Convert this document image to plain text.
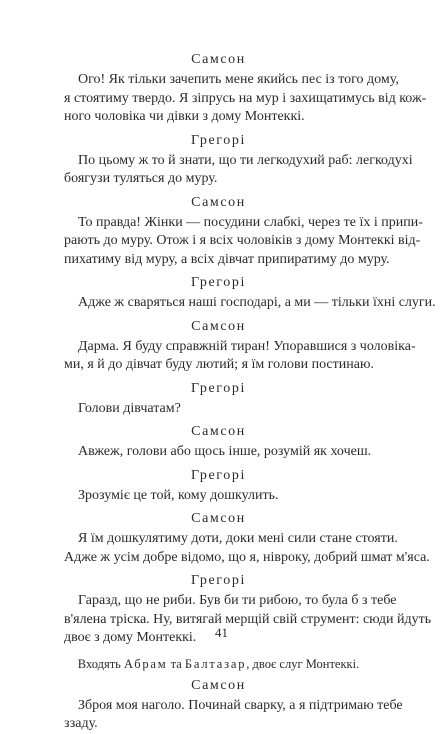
Самсон
Ого! Як тільки зачепить мене якийсь пес із того дому,
я стоятиму твердо. Я зіпрусь на мур і захищатимусь від кож-
ного чоловіка чи дівки з дому Монтеккі.
Грегорі
По цьому ж то й знати, що ти легкодухий раб: легкодухі
боягузи туляться до муру.
Самсон
То правда! Жінки — посудини слабкі, через те їх і припи-
рають до муру. Отож і я всіх чоловіків з дому Монтеккі від-
пихатиму від муру, а всіх дівчат припиратиму до муру.
Грегорі
Адже ж сваряться наші господарі, а ми — тільки їхні слуги.
Самсон
Дарма. Я буду справжній тиран! Упоравшися з чоловіка-
ми, я й до дівчат буду лютий; я їм голови постинаю.
Грегорі
Голови дівчатам?
Самсон
Авжеж, голови або щось інше, розумій як хочеш.
Грегорі
Зрозуміє це той, кому дошкулить.
Самсон
Я їм дошкулятиму доти, доки мені сили стане стояти.
Адже ж усім добре відомо, що я, нівроку, добрий шмат м'яса.
Грегорі
Гаразд, що не риби. Був би ти рибою, то була б з тебе
в'ялена тріска. Ну, витягай мерщій свій струмент: сюди йдуть
двоє з дому Монтеккі.
Входять Абрам та Балтазар, двоє слуг Монтеккі.
Самсон
Зброя моя наголо. Починай сварку, а я підтримаю тебе
ззаду.
41
